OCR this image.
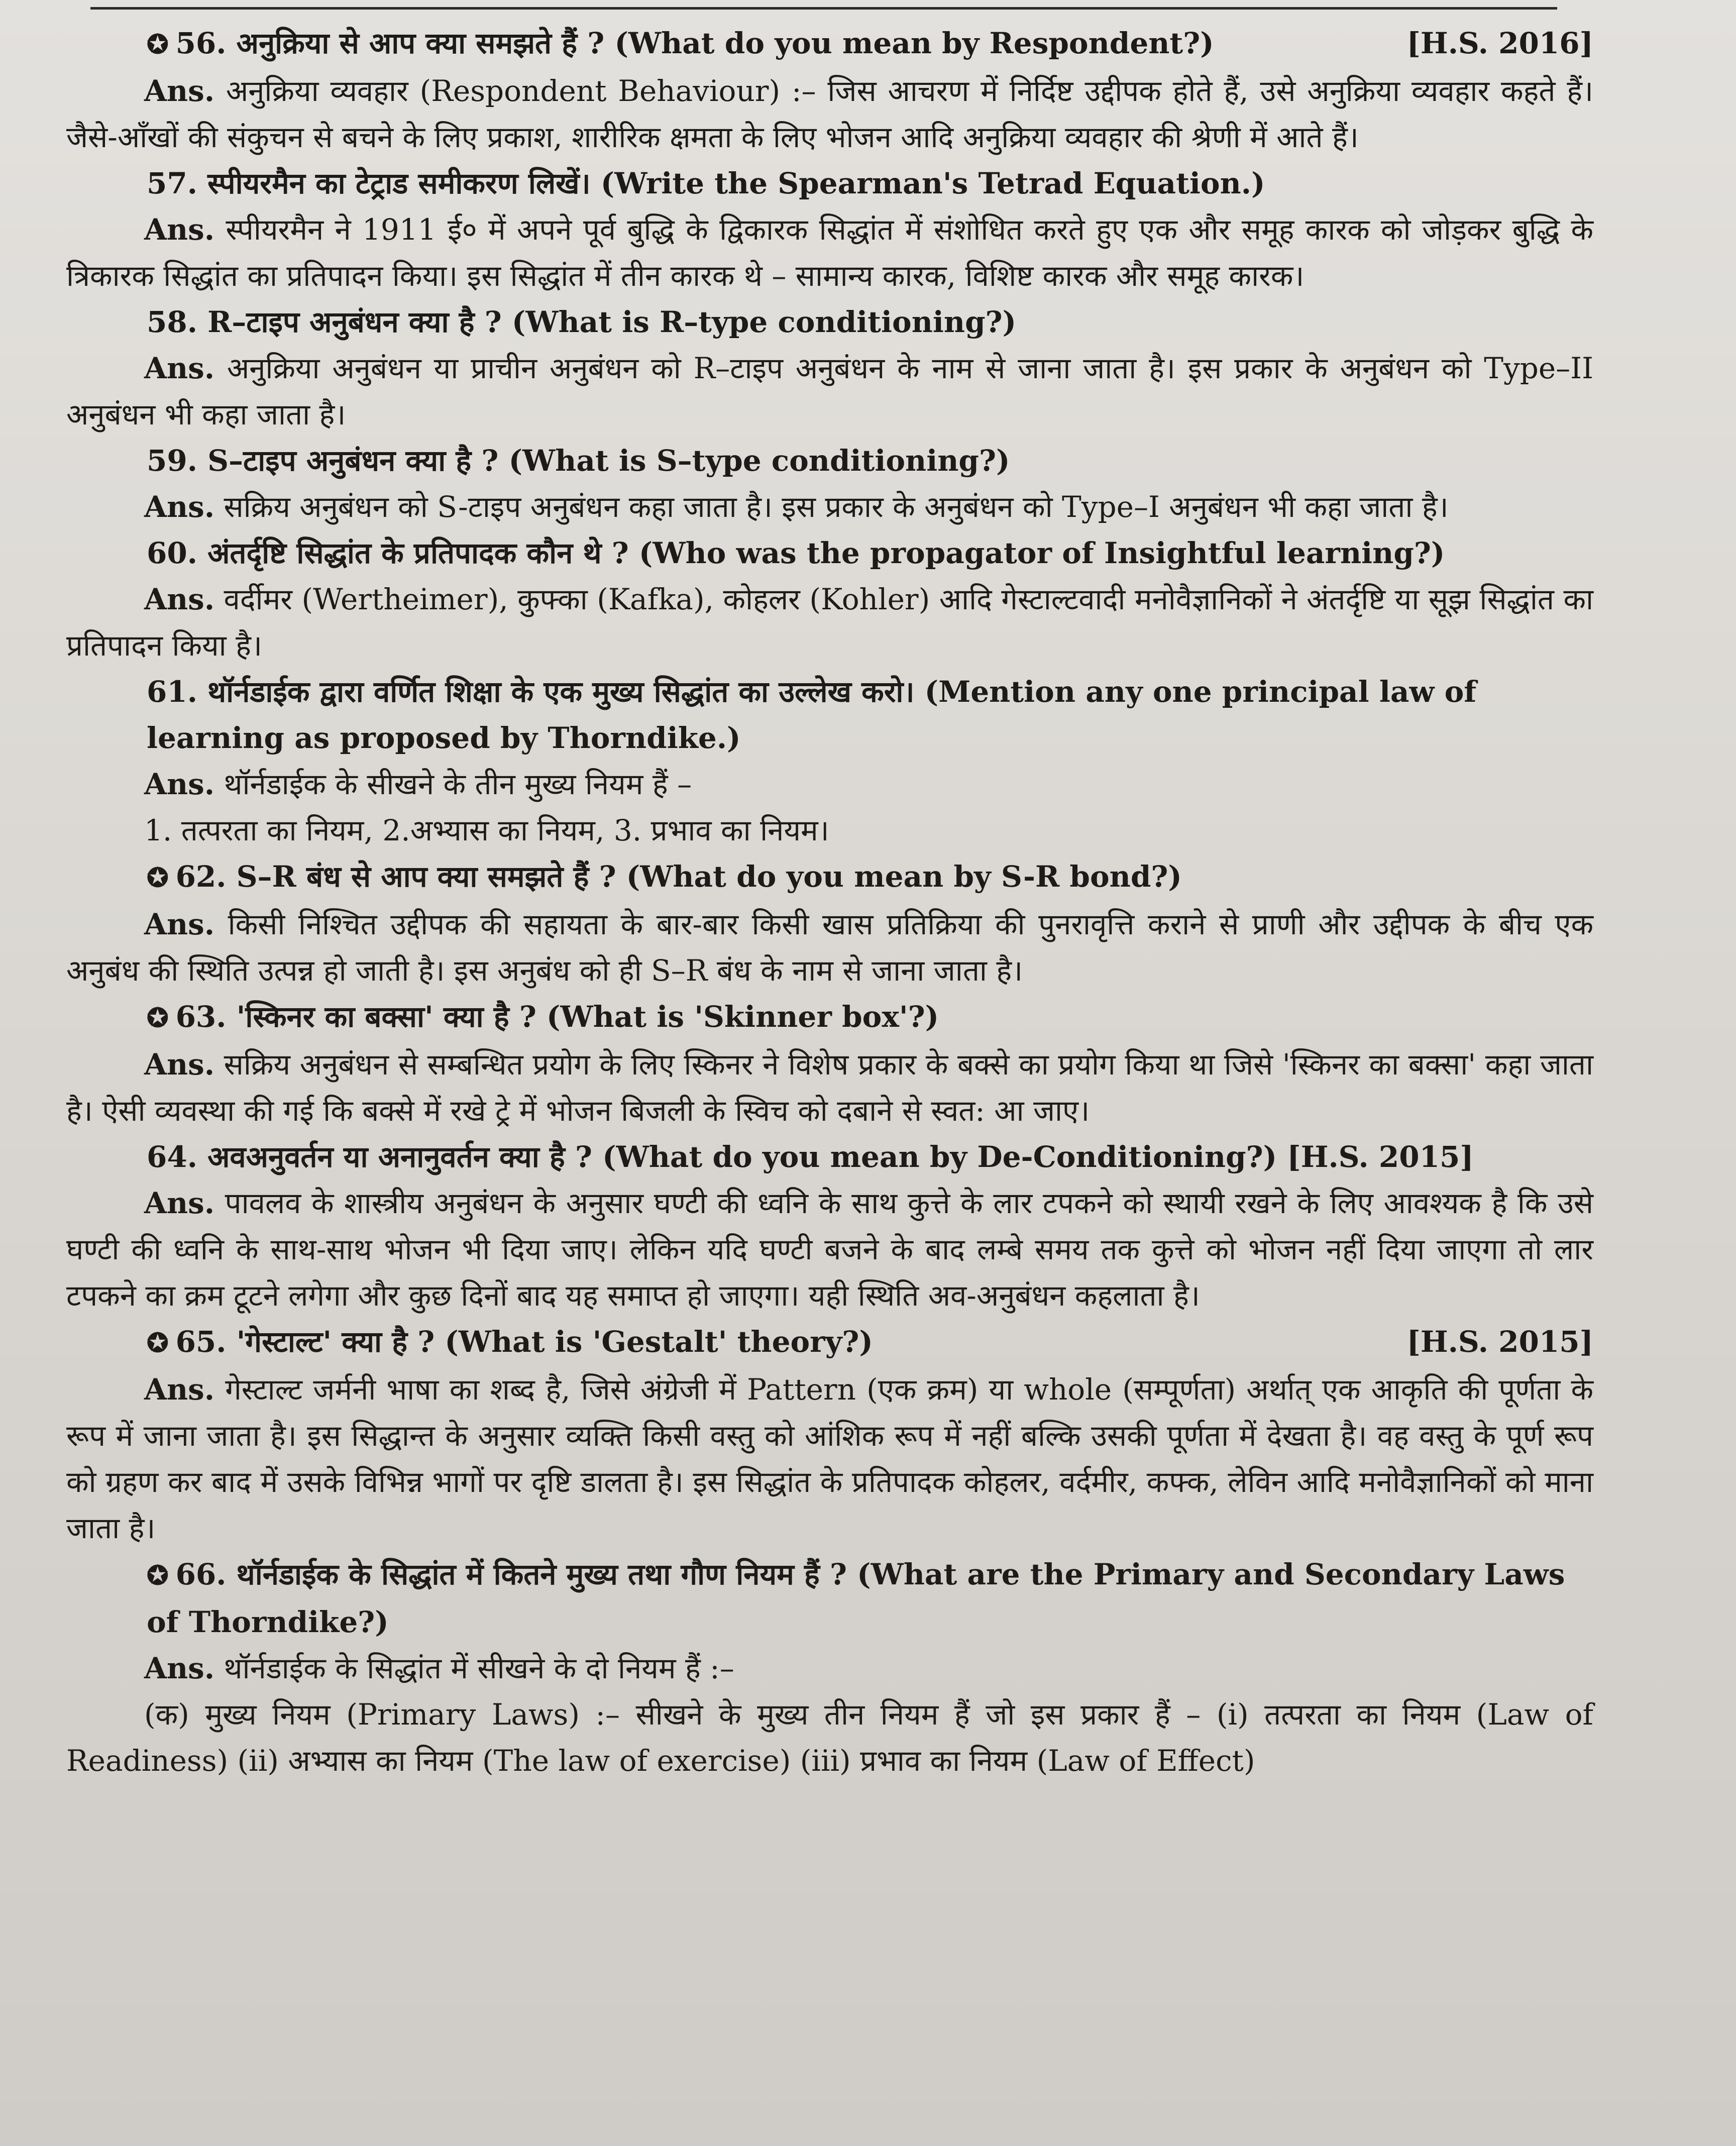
✪ 56. अनुक्रिया से आप क्या समझते हैं ? (What do you mean by Respondent?)	[H.S. 2016]

Ans. अनुक्रिया व्यवहार (Respondent Behaviour) :– जिस आचरण में निर्दिष्ट उद्दीपक होते हैं, उसे अनुक्रिया व्यवहार कहते हैं। जैसे-आँखों की संकुचन से बचने के लिए प्रकाश, शारीरिक क्षमता के लिए भोजन आदि अनुक्रिया व्यवहार की श्रेणी में आते हैं।

57. स्पीयरमैन का टेट्राड समीकरण लिखें। (Write the Spearman's Tetrad Equation.)

Ans. स्पीयरमैन ने 1911 ई० में अपने पूर्व बुद्धि के द्विकारक सिद्धांत में संशोधित करते हुए एक और समूह कारक को जोड़कर बुद्धि के त्रिकारक सिद्धांत का प्रतिपादन किया। इस सिद्धांत में तीन कारक थे – सामान्य कारक, विशिष्ट कारक और समूह कारक।

58. R–टाइप अनुबंधन क्या है ? (What is R–type conditioning?)

Ans. अनुक्रिया अनुबंधन या प्राचीन अनुबंधन को R–टाइप अनुबंधन के नाम से जाना जाता है। इस प्रकार के अनुबंधन को Type–II अनुबंधन भी कहा जाता है।

59. S–टाइप अनुबंधन क्या है ? (What is S–type conditioning?)

Ans. सक्रिय अनुबंधन को S-टाइप अनुबंधन कहा जाता है। इस प्रकार के अनुबंधन को Type–I अनुबंधन भी कहा जाता है।

60. अंतर्दृष्टि सिद्धांत के प्रतिपादक कौन थे ? (Who was the propagator of Insightful learning?)

Ans. वर्दीमर (Wertheimer), कुफ्का (Kafka), कोहलर (Kohler) आदि गेस्टाल्टवादी मनोवैज्ञानिकों ने अंतर्दृष्टि या सूझ सिद्धांत का प्रतिपादन किया है।

61. थॉर्नडाईक द्वारा वर्णित शिक्षा के एक मुख्य सिद्धांत का उल्लेख करो। (Mention any one principal law of learning as proposed by Thorndike.)

Ans. थॉर्नडाईक के सीखने के तीन मुख्य नियम हैं –

1. तत्परता का नियम, 2.अभ्यास का नियम, 3. प्रभाव का नियम।

✪ 62. S–R बंध से आप क्या समझते हैं ? (What do you mean by S-R bond?)

Ans. किसी निश्चित उद्दीपक की सहायता के बार-बार किसी खास प्रतिक्रिया की पुनरावृत्ति कराने से प्राणी और उद्दीपक के बीच एक अनुबंध की स्थिति उत्पन्न हो जाती है। इस अनुबंध को ही S–R बंध के नाम से जाना जाता है।

✪ 63. 'स्किनर का बक्सा' क्या है ? (What is 'Skinner box'?)

Ans. सक्रिय अनुबंधन से सम्बन्धित प्रयोग के लिए स्किनर ने विशेष प्रकार के बक्से का प्रयोग किया था जिसे 'स्किनर का बक्सा' कहा जाता है। ऐसी व्यवस्था की गई कि बक्से में रखे ट्रे में भोजन बिजली के स्विच को दबाने से स्वत: आ जाए।

64. अवअनुवर्तन या अनानुवर्तन क्या है ? (What do you mean by De-Conditioning?) [H.S. 2015]

Ans. पावलव के शास्त्रीय अनुबंधन के अनुसार घण्टी की ध्वनि के साथ कुत्ते के लार टपकने को स्थायी रखने के लिए आवश्यक है कि उसे घण्टी की ध्वनि के साथ-साथ भोजन भी दिया जाए। लेकिन यदि घण्टी बजने के बाद लम्बे समय तक कुत्ते को भोजन नहीं दिया जाएगा तो लार टपकने का क्रम टूटने लगेगा और कुछ दिनों बाद यह समाप्त हो जाएगा। यही स्थिति अव-अनुबंधन कहलाता है।

✪ 65. 'गेस्टाल्ट' क्या है ? (What is 'Gestalt' theory?)	[H.S. 2015]

Ans. गेस्टाल्ट जर्मनी भाषा का शब्द है, जिसे अंग्रेजी में Pattern (एक क्रम) या whole (सम्पूर्णता) अर्थात् एक आकृति की पूर्णता के रूप में जाना जाता है। इस सिद्धान्त के अनुसार व्यक्ति किसी वस्तु को आंशिक रूप में नहीं बल्कि उसकी पूर्णता में देखता है। वह वस्तु के पूर्ण रूप को ग्रहण कर बाद में उसके विभिन्न भागों पर दृष्टि डालता है। इस सिद्धांत के प्रतिपादक कोहलर, वर्दमीर, कफ्क, लेविन आदि मनोवैज्ञानिकों को माना जाता है।

✪ 66. थॉर्नडाईक के सिद्धांत में कितने मुख्य तथा गौण नियम हैं ? (What are the Primary and Secondary Laws of Thorndike?)

Ans. थॉर्नडाईक के सिद्धांत में सीखने के दो नियम हैं :–

(क) मुख्य नियम (Primary Laws) :– सीखने के मुख्य तीन नियम हैं जो इस प्रकार हैं – (i) तत्परता का नियम (Law of Readiness) (ii) अभ्यास का नियम (The law of exercise) (iii) प्रभाव का नियम (Law of Effect)
